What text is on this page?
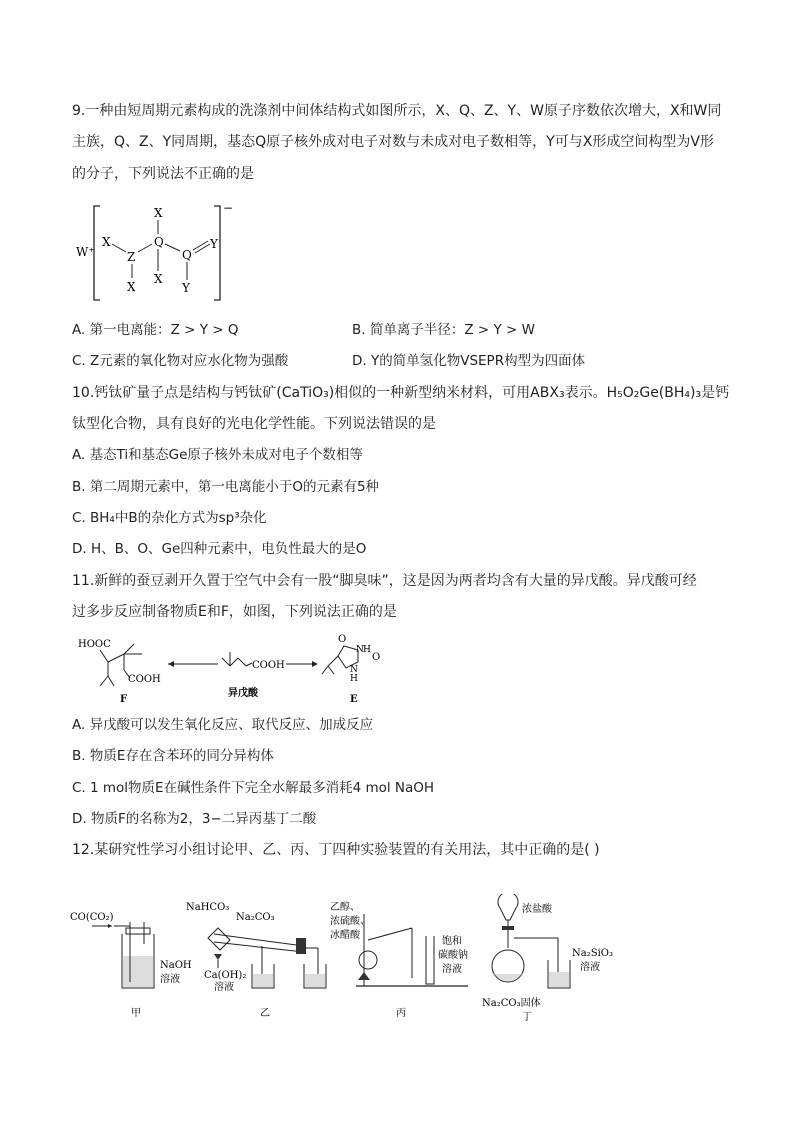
9.一种由短周期元素构成的洗涤剂中间体结构式如图所示，X、Q、Z、Y、W原子序数依次增大，X和W同
主族，Q、Z、Y同周期，基态Q原子核外成对电子对数与未成对电子数相等，Y可与X形成空间构型为V形
的分子，下列说法不正确的是
W⁺
−
X
X
Z
Q
Q
Y
X
X
Y
A. 第一电离能：Z > Y > Q	B. 简单离子半径：Z > Y > W
C. Z元素的氧化物对应水化物为强酸	D. Y的简单氢化物VSEPR构型为四面体
10.钙钛矿量子点是结构与钙钛矿(CaTiO₃)相似的一种新型纳米材料，可用ABX₃表示。H₅O₂Ge(BH₄)₃是钙
钛型化合物，具有良好的光电化学性能。下列说法错误的是
A. 基态Ti和基态Ge原子核外未成对电子个数相等
B. 第二周期元素中，第一电离能小于O的元素有5种
C. BH₄中B的杂化方式为sp³杂化
D. H、B、O、Ge四种元素中，电负性最大的是O
11.新鲜的蚕豆剥开久置于空气中会有一股“脚臭味”，这是因为两者均含有大量的异戊酸。异戊酸可经
过多步反应制备物质E和F，如图，下列说法正确的是
HOOC
COOH
F
COOH
异戊酸
O
O
N
N
H
H
E
A. 异戊酸可以发生氧化反应、取代反应、加成反应
B. 物质E存在含苯环的同分异构体
C. 1 mol物质E在碱性条件下完全水解最多消耗4 mol NaOH
D. 物质F的名称为2，3−二异丙基丁二酸
12.某研究性学习小组讨论甲、乙、丙、丁四种实验装置的有关用法，其中正确的是( )
CO(CO₂)
NaOH
溶液
甲
NaHCO₃
Na₂CO₃
Ca(OH)₂
溶液
乙
乙醇、
浓硫酸、
冰醋酸
饱和
碳酸钠
溶液
丙
浓盐酸
Na₂SiO₃
溶液
Na₂CO₃固体
丁
